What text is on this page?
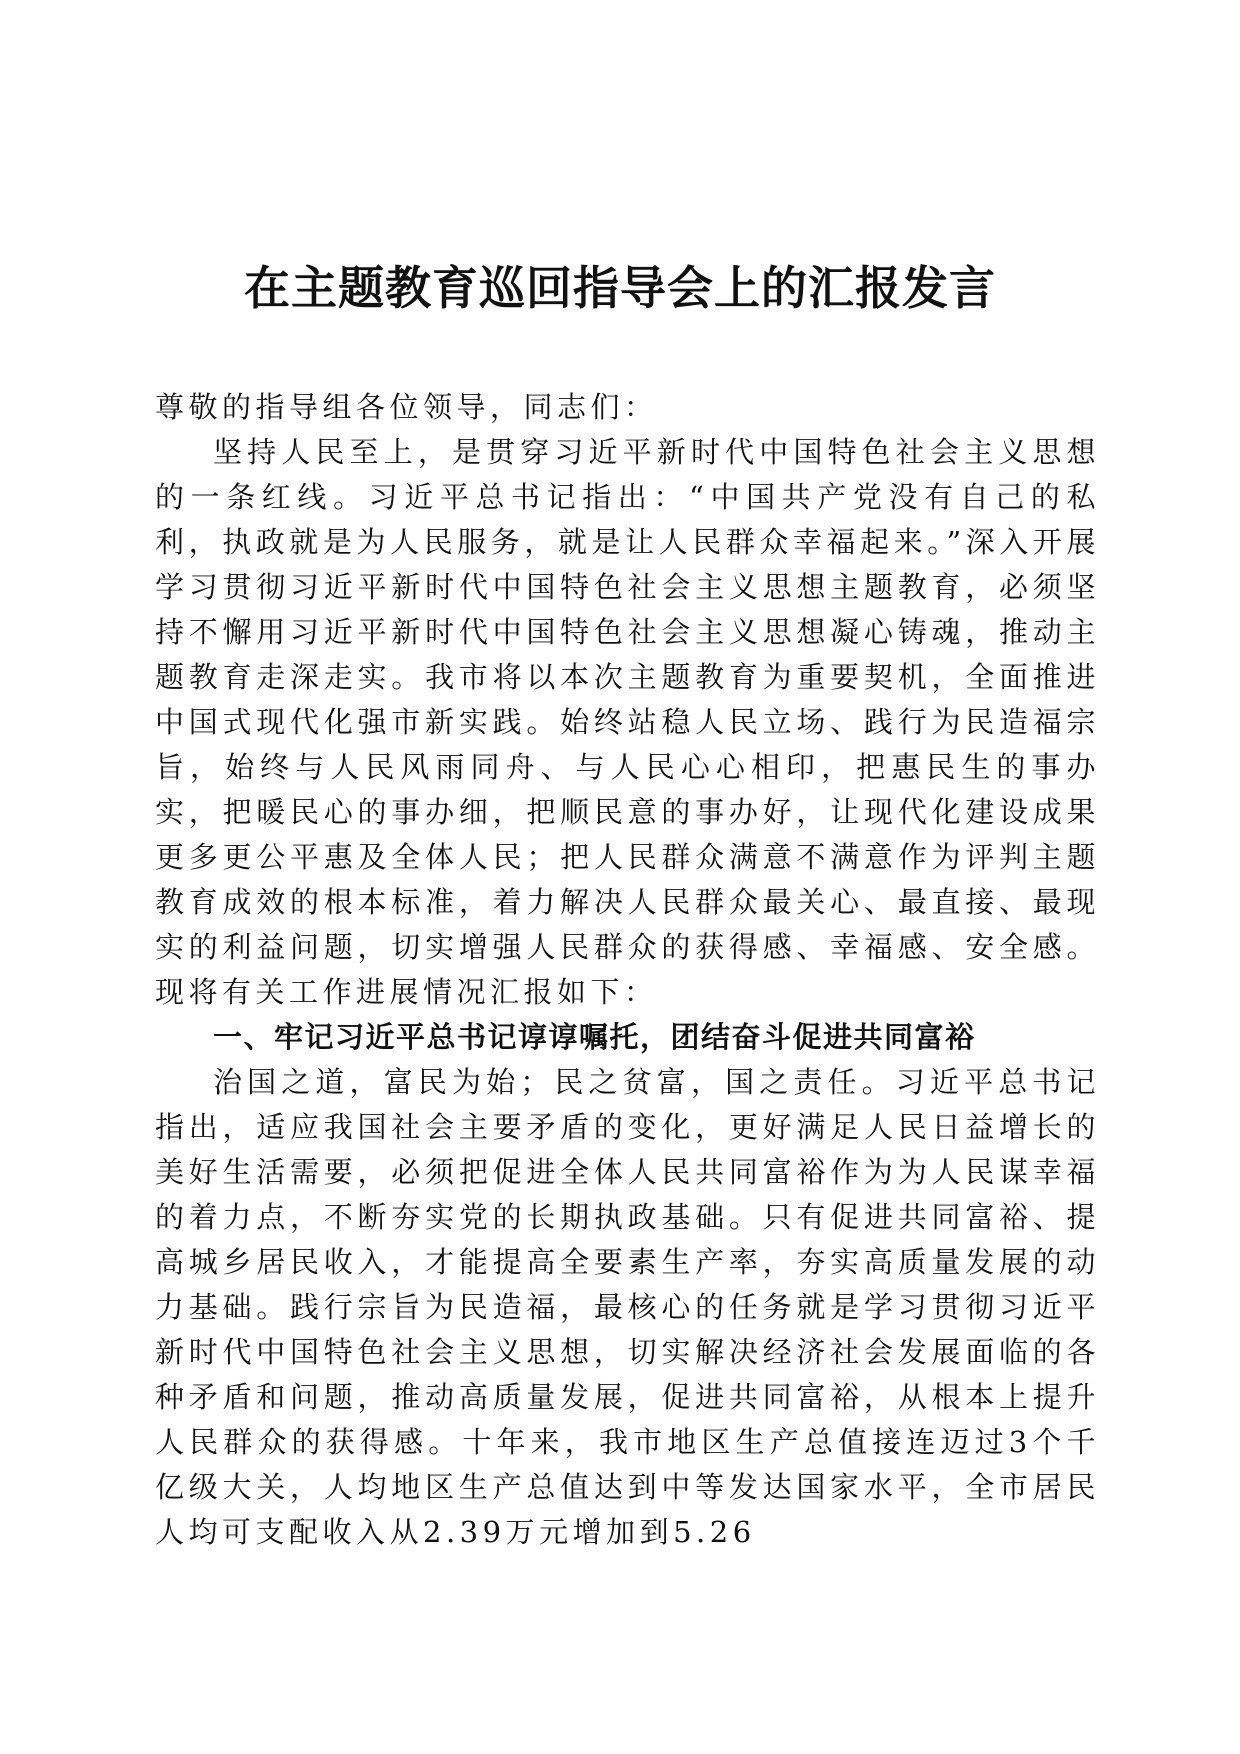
在主题教育巡回指导会上的汇报发言

尊敬的指导组各位领导，同志们：

坚持人民至上，是贯穿习近平新时代中国特色社会主义思想的一条红线。习近平总书记指出：“中国共产党没有自己的私利，执政就是为人民服务，就是让人民群众幸福起来。”深入开展学习贯彻习近平新时代中国特色社会主义思想主题教育，必须坚持不懈用习近平新时代中国特色社会主义思想凝心铸魂，推动主题教育走深走实。我市将以本次主题教育为重要契机，全面推进中国式现代化强市新实践。始终站稳人民立场、践行为民造福宗旨，始终与人民风雨同舟、与人民心心相印，把惠民生的事办实，把暖民心的事办细，把顺民意的事办好，让现代化建设成果更多更公平惠及全体人民；把人民群众满意不满意作为评判主题教育成效的根本标准，着力解决人民群众最关心、最直接、最现实的利益问题，切实增强人民群众的获得感、幸福感、安全感。现将有关工作进展情况汇报如下：

一、牢记习近平总书记谆谆嘱托，团结奋斗促进共同富裕

治国之道，富民为始；民之贫富，国之责任。习近平总书记指出，适应我国社会主要矛盾的变化，更好满足人民日益增长的美好生活需要，必须把促进全体人民共同富裕作为为人民谋幸福的着力点，不断夯实党的长期执政基础。只有促进共同富裕、提高城乡居民收入，才能提高全要素生产率，夯实高质量发展的动力基础。践行宗旨为民造福，最核心的任务就是学习贯彻习近平新时代中国特色社会主义思想，切实解决经济社会发展面临的各种矛盾和问题，推动高质量发展，促进共同富裕，从根本上提升人民群众的获得感。十年来，我市地区生产总值接连迈过3个千亿级大关，人均地区生产总值达到中等发达国家水平，全市居民人均可支配收入从2.39万元增加到5.26
